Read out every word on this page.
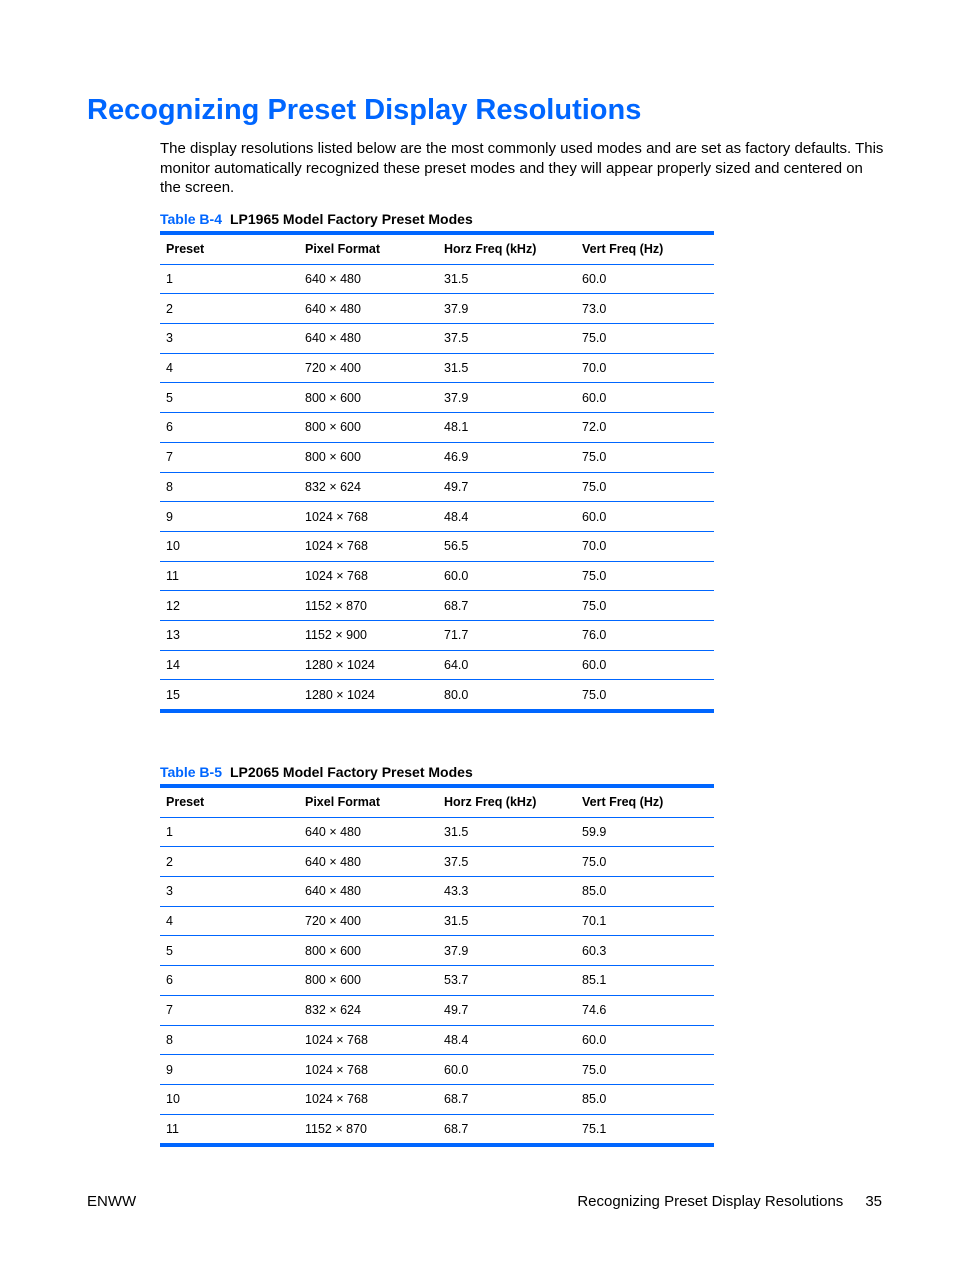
Recognizing Preset Display Resolutions

The display resolutions listed below are the most commonly used modes and are set as factory defaults. This monitor automatically recognized these preset modes and they will appear properly sized and centered on the screen.

Table B-4 LP1965 Model Factory Preset Modes
Preset	Pixel Format	Horz Freq (kHz)	Vert Freq (Hz)
1	640 × 480	31.5	60.0
2	640 × 480	37.9	73.0
3	640 × 480	37.5	75.0
4	720 × 400	31.5	70.0
5	800 × 600	37.9	60.0
6	800 × 600	48.1	72.0
7	800 × 600	46.9	75.0
8	832 × 624	49.7	75.0
9	1024 × 768	48.4	60.0
10	1024 × 768	56.5	70.0
11	1024 × 768	60.0	75.0
12	1152 × 870	68.7	75.0
13	1152 × 900	71.7	76.0
14	1280 × 1024	64.0	60.0
15	1280 × 1024	80.0	75.0
Table B-5 LP2065 Model Factory Preset Modes
Preset	Pixel Format	Horz Freq (kHz)	Vert Freq (Hz)
1	640 × 480	31.5	59.9
2	640 × 480	37.5	75.0
3	640 × 480	43.3	85.0
4	720 × 400	31.5	70.1
5	800 × 600	37.9	60.3
6	800 × 600	53.7	85.1
7	832 × 624	49.7	74.6
8	1024 × 768	48.4	60.0
9	1024 × 768	60.0	75.0
10	1024 × 768	68.7	85.0
11	1152 × 870	68.7	75.1
ENWW	Recognizing Preset Display Resolutions 35
